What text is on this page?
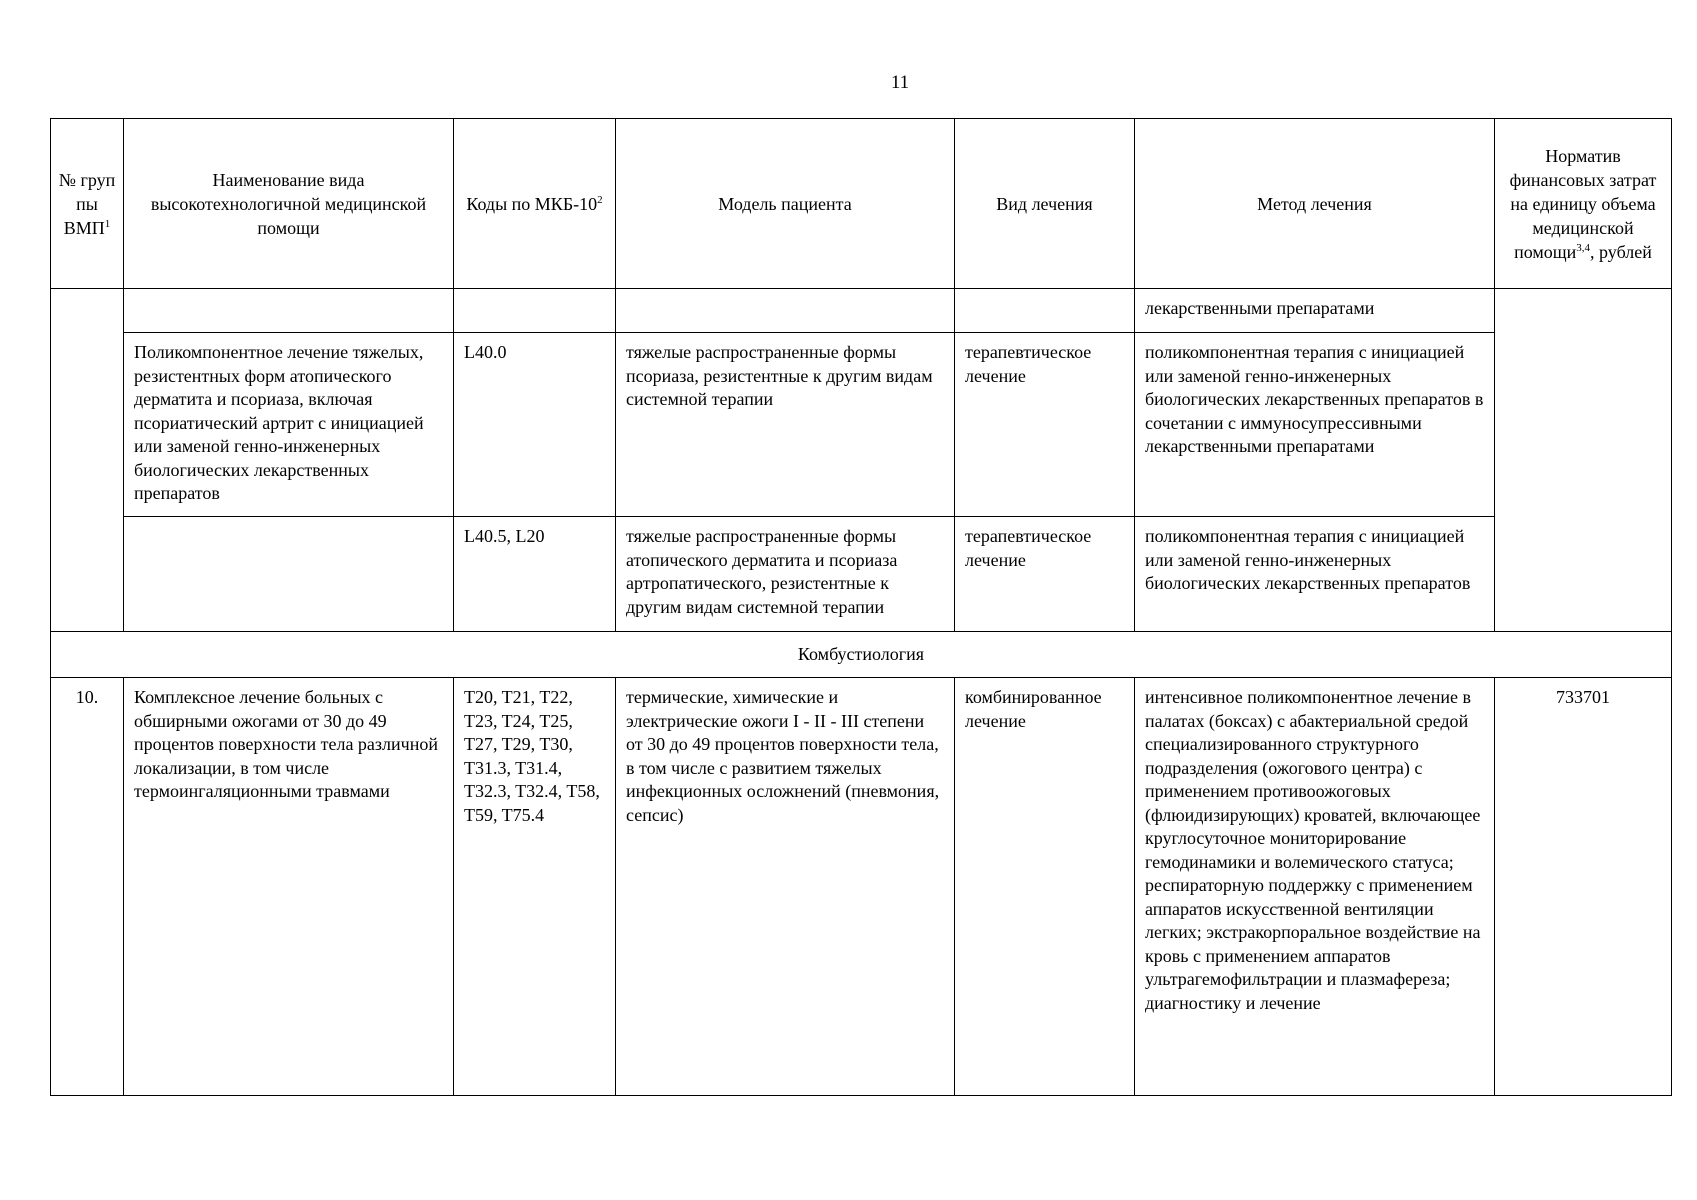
11
№ груп пы ВМП$^1$	Наименование вида высокотехнологичной медицинской помощи	Коды по МКБ-$10^2$	Модель пациента	Вид лечения	Метод лечения	Норматив финансовых затрат на единицу объема медицинской помощи$^{3,4}$, рублей
					лекарственными препаратами	
	Поликомпонентное лечение тяжелых, резистентных форм атопического дерматита и псориаза, включая псориатический артрит с инициацией или заменой генно-инженерных биологических лекарственных препаратов	L40.0	тяжелые распространенные формы псориаза, резистентные к другим видам системной терапии	терапевтическое лечение	поликомпонентная терапия с инициацией или заменой генно-инженерных биологических лекарственных препаратов в сочетании с иммуносупрессивными лекарственными препаратами	
		L40.5, L20	тяжелые распространенные формы атопического дерматита и псориаза артропатического, резистентные к другим видам системной терапии	терапевтическое лечение	поликомпонентная терапия с инициацией или заменой генно-инженерных биологических лекарственных препаратов	
Комбустиология						
10.	Комплексное лечение больных с обширными ожогами от 30 до 49 процентов поверхности тела различной локализации, в том числе термоингаляционными травмами	T20, T21, T22, T23, T24, T25, T27, T29, T30, T31.3, T31.4, T32.3, T32.4, T58, T59, T75.4	термические, химические и электрические ожоги I - II - III степени от 30 до 49 процентов поверхности тела, в том числе с развитием тяжелых инфекционных осложнений (пневмония, сепсис)	комбинированное лечение	интенсивное поликомпонентное лечение в палатах (боксах) с абактериальной средой специализированного структурного подразделения (ожогового центра) с применением противоожоговых (флюидизирующих) кроватей, включающее круглосуточное мониторирование гемодинамики и волемического статуса; респираторную поддержку с применением аппаратов искусственной вентиляции легких; экстракорпоральное воздействие на кровь с применением аппаратов ультрагемофильтрации и плазмафереза; диагностику и лечение	733701
